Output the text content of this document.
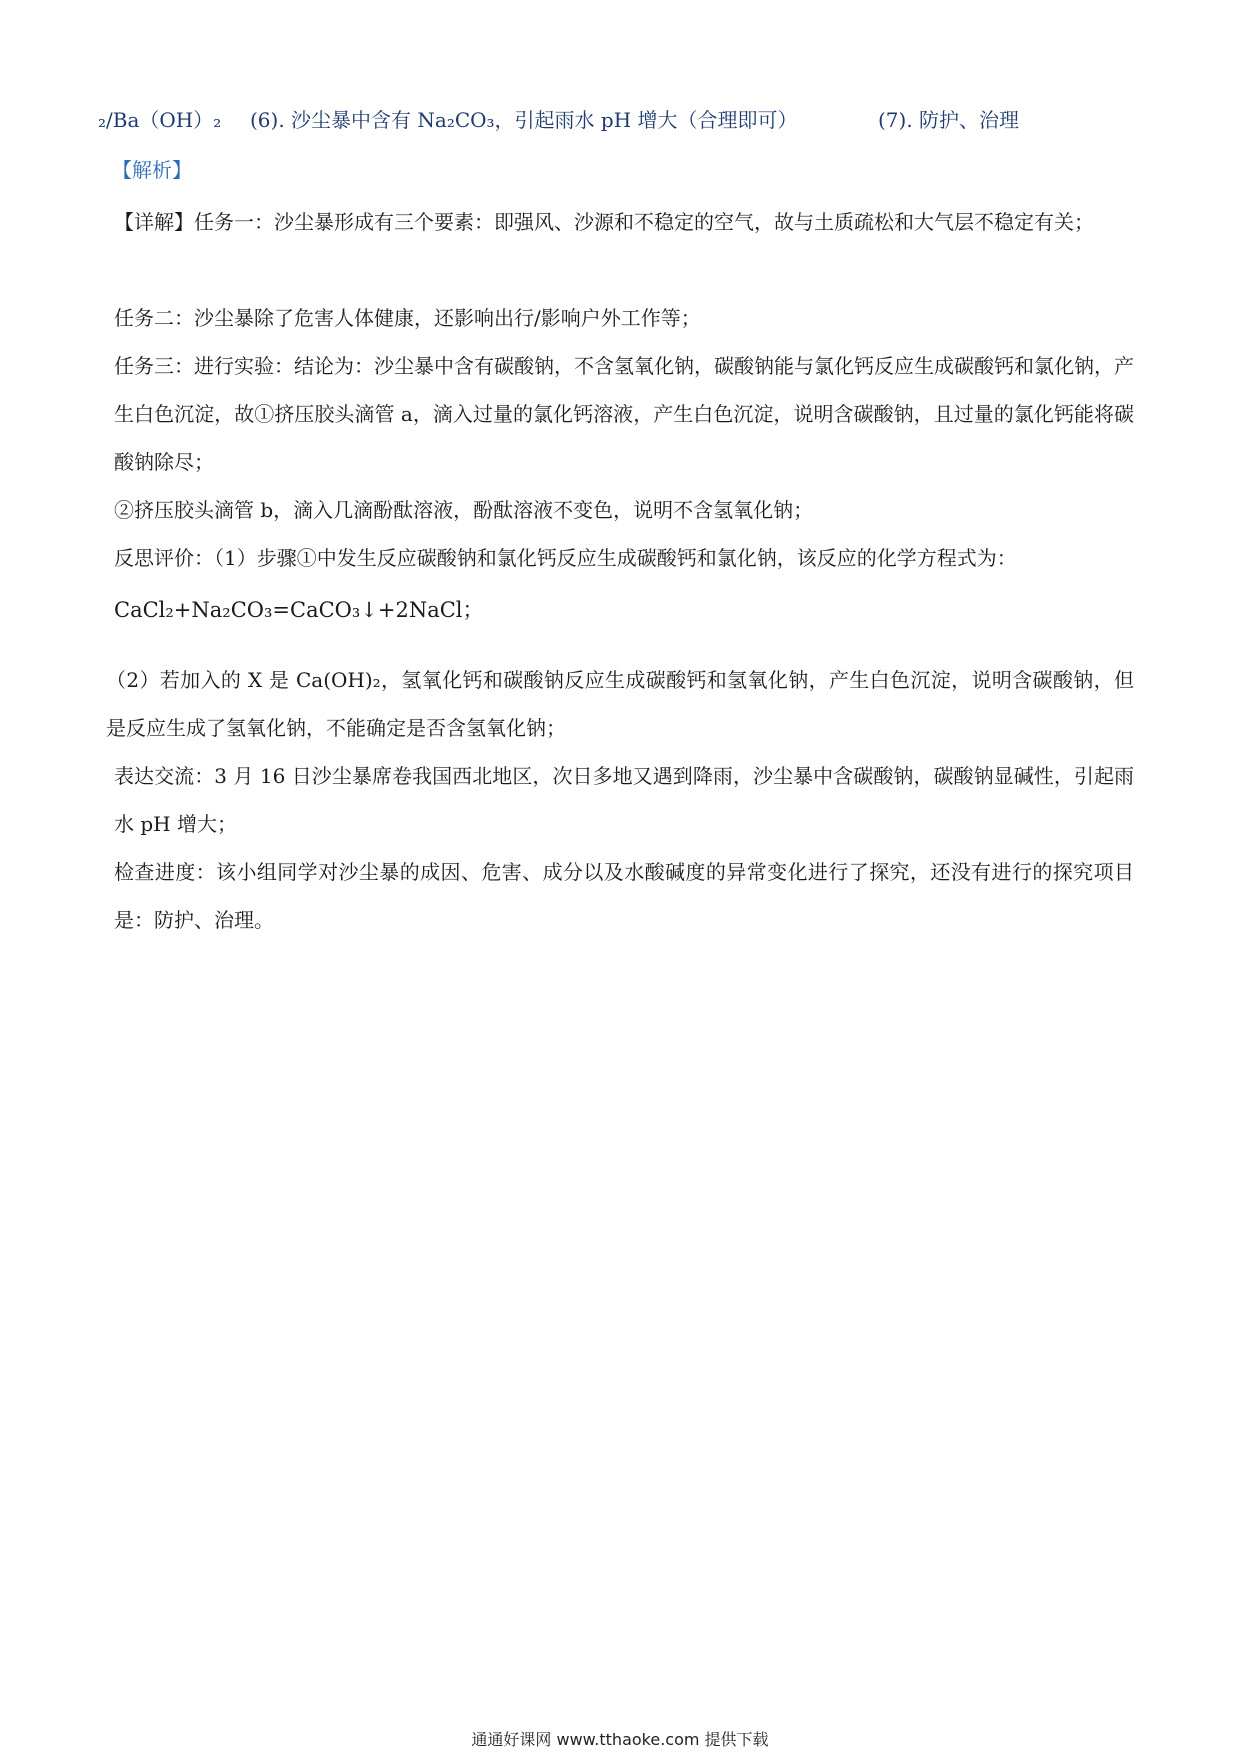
₂/Ba（OH）₂ (6). 沙尘暴中含有 Na₂CO₃，引起雨水 pH 增大（合理即可）	(7). 防护、治理
【解析】
【详解】任务一：沙尘暴形成有三个要素：即强风、沙源和不稳定的空气，故与土质疏松和大气层不稳定有关；
任务二：沙尘暴除了危害人体健康，还影响出行/影响户外工作等；
任务三：进行实验：结论为：沙尘暴中含有碳酸钠，不含氢氧化钠，碳酸钠能与氯化钙反应生成碳酸钙和氯化钠，产生白色沉淀，故①挤压胶头滴管 a，滴入过量的氯化钙溶液，产生白色沉淀，说明含碳酸钠，且过量的氯化钙能将碳酸钠除尽；
②挤压胶头滴管 b，滴入几滴酚酞溶液，酚酞溶液不变色，说明不含氢氧化钠；
反思评价：（1）步骤①中发生反应碳酸钠和氯化钙反应生成碳酸钙和氯化钠，该反应的化学方程式为：
CaCl₂+Na₂CO₃=CaCO₃↓+2NaCl；
（2）若加入的 X 是 Ca(OH)₂，氢氧化钙和碳酸钠反应生成碳酸钙和氢氧化钠，产生白色沉淀，说明含碳酸钠，但是反应生成了氢氧化钠，不能确定是否含氢氧化钠；
表达交流：3 月 16 日沙尘暴席卷我国西北地区，次日多地又遇到降雨，沙尘暴中含碳酸钠，碳酸钠显碱性，引起雨水 pH 增大；
检查进度：该小组同学对沙尘暴的成因、危害、成分以及水酸碱度的异常变化进行了探究，还没有进行的探究项目是：防护、治理。
通通好课网 www.tthaoke.com 提供下载
